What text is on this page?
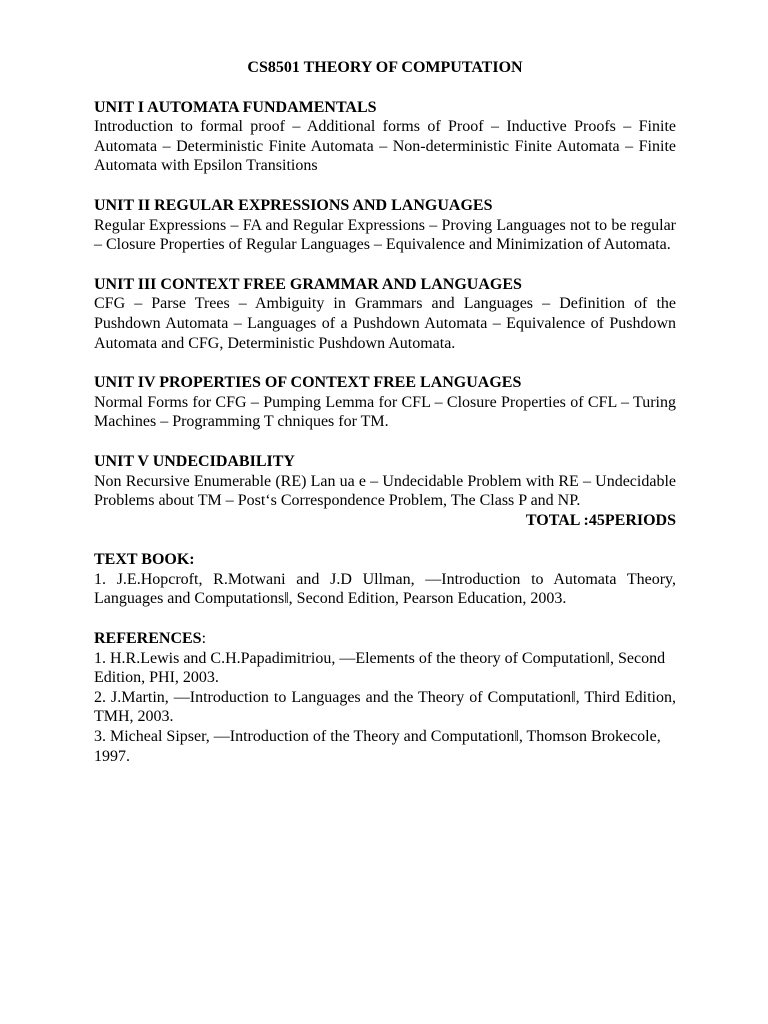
CS8501 THEORY OF COMPUTATION

UNIT I AUTOMATA FUNDAMENTALS

Introduction to formal proof – Additional forms of Proof – Inductive Proofs – Finite Automata – Deterministic Finite Automata – Non-deterministic Finite Automata – Finite Automata with Epsilon Transitions

UNIT II REGULAR EXPRESSIONS AND LANGUAGES

Regular Expressions – FA and Regular Expressions – Proving Languages not to be regular – Closure Properties of Regular Languages – Equivalence and Minimization of Automata.

UNIT III CONTEXT FREE GRAMMAR AND LANGUAGES

CFG – Parse Trees – Ambiguity in Grammars and Languages – Definition of the Pushdown Automata – Languages of a Pushdown Automata – Equivalence of Pushdown Automata and CFG, Deterministic Pushdown Automata.

UNIT IV PROPERTIES OF CONTEXT FREE LANGUAGES

Normal Forms for CFG – Pumping Lemma for CFL – Closure Properties of CFL – Turing Machines – Programming T chniques for TM.

UNIT V UNDECIDABILITY

Non Recursive Enumerable (RE) Lan ua e – Undecidable Problem with RE – Undecidable Problems about TM – Post‘s Correspondence Problem, The Class P and NP.

TOTAL :45PERIODS

TEXT BOOK:

1. J.E.Hopcroft, R.Motwani and J.D Ullman, ―Introduction to Automata Theory, Languages and Computations‖, Second Edition, Pearson Education, 2003.

REFERENCES:

1. H.R.Lewis and C.H.Papadimitriou, ―Elements of the theory of Computation‖, Second Edition, PHI, 2003.

2. J.Martin, ―Introduction to Languages and the Theory of Computation‖, Third Edition, TMH, 2003.

3. Micheal Sipser, ―Introduction of the Theory and Computation‖, Thomson Brokecole, 1997.
